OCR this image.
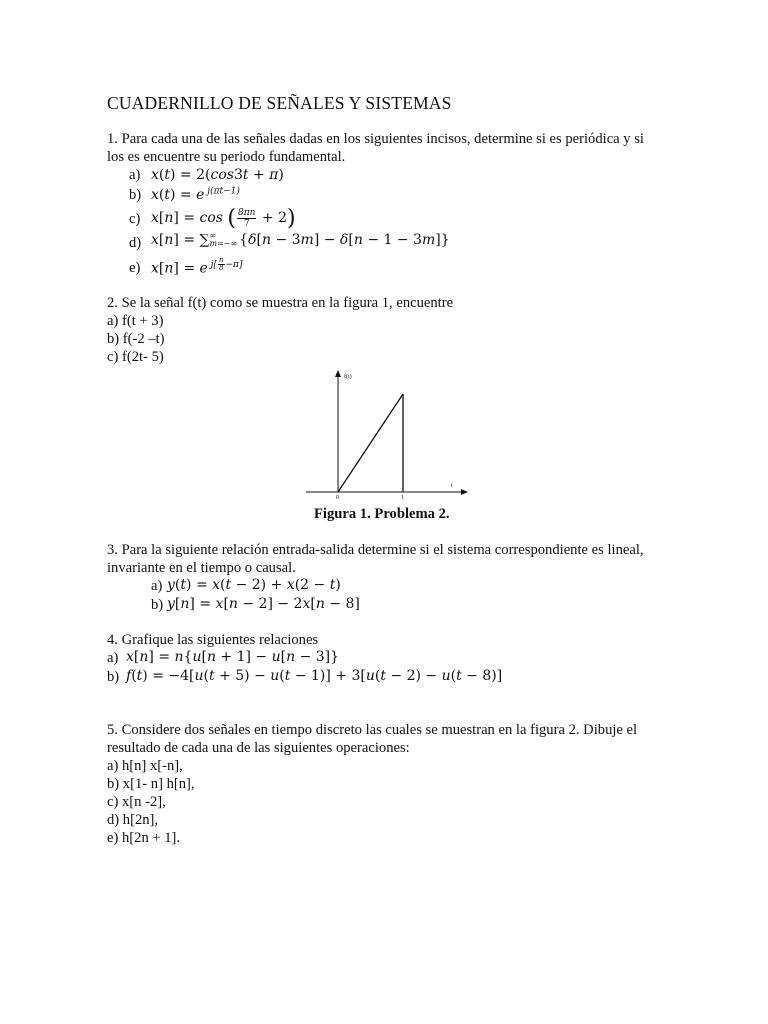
CUADERNILLO DE SEÑALES Y SISTEMAS
1. Para cada una de las señales dadas en los siguientes incisos, determine si es periódica y si
los es encuentre su periodo fundamental.
a) x(t) = 2(cos3t + π)
b) x(t) = e $^{j(\pi t-1)}$
c) x[n] = cos ( $\frac{8\pi n}{7} + 2$)
d) x[n] = ∑∞
m=−∞ {δ[n − 3m] − δ[n − 1 − 3m]}
e) x[n] = e $^{j[ \frac{n}{8} -\pi]}$
2. Se la señal f(t) como se muestra en la figura 1, encuentre
a) f(t + 3)
b) f(-2 –t)
c) f(2t- 5)
f(t)
t
0	1
Figura 1. Problema 2.
3. Para la siguiente relación entrada-salida determine si el sistema correspondiente es lineal,
invariante en el tiempo o causal.
a) y(t) = x(t − 2) + x(2 − t)
b) y[n] = x[n − 2] − 2x[n − 8]
4. Grafique las siguientes relaciones
a) x[n] = n{u[n + 1] − u[n − 3]}
b) f(t) = −4[u(t + 5) − u(t − 1)] + 3[u(t − 2) − u(t − 8)]
5. Considere dos señales en tiempo discreto las cuales se muestran en la figura 2. Dibuje el
resultado de cada una de las siguientes operaciones:
a) h[n] x[-n],
b) x[1- n] h[n],
c) x[n -2],
d) h[2n],
e) h[2n + 1].
